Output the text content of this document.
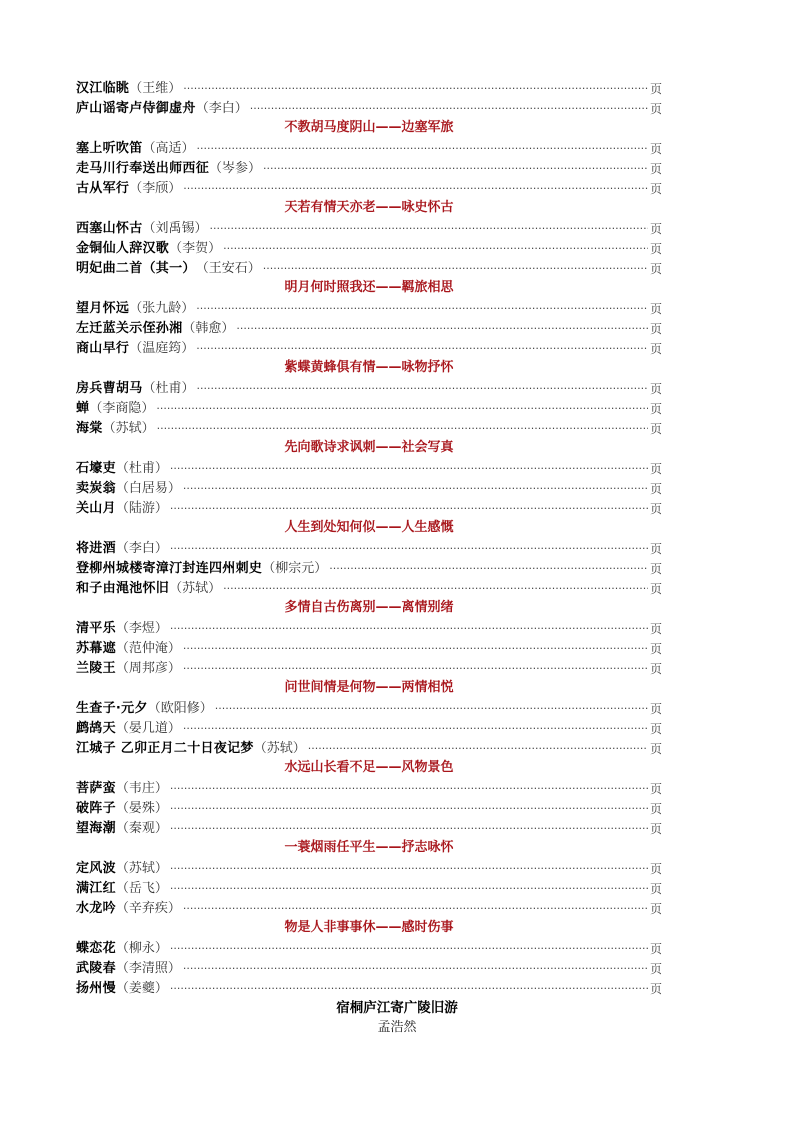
汉江临眺 （王维） ·····	页
庐山谣寄卢侍御虚舟 （李白） ·····	页
不教胡马度阴山——边塞军旅
塞上听吹笛 （高适） ·····	页
走马川行奉送出师西征 （岑参） ·····	页
古从军行 （李颀） ·····	页
天若有情天亦老——咏史怀古
西塞山怀古 （刘禹锡） ·····	页
金铜仙人辞汉歌 （李贺） ·····	页
明妃曲二首（其一） （王安石） ·····	页
明月何时照我还——羁旅相思
望月怀远 （张九龄） ·····	页
左迁蓝关示侄孙湘 （韩愈） ·····	页
商山早行 （温庭筠） ·····	页
紫蝶黄蜂俱有情——咏物抒怀
房兵曹胡马 （杜甫） ·····	页
蝉 （李商隐） ·····	页
海棠 （苏轼） ·····	页
先向歌诗求讽刺——社会写真
石壕吏 （杜甫） ·····	页
卖炭翁 （白居易） ·····	页
关山月 （陆游） ·····	页
人生到处知何似——人生感慨
将进酒 （李白） ·····	页
登柳州城楼寄漳汀封连四州刺史 （柳宗元） ·····	页
和子由渑池怀旧 （苏轼） ·····	页
多情自古伤离别——离情别绪
清平乐 （李煜） ·····	页
苏幕遮 （范仲淹） ·····	页
兰陵王 （周邦彦） ·····	页
问世间情是何物——两情相悦
生查子·元夕 （欧阳修） ·····	页
鹧鸪天 （晏几道） ·····	页
江城子 乙卯正月二十日夜记梦 （苏轼） ·····	页
水远山长看不足——风物景色
菩萨蛮 （韦庄） ·····	页
破阵子 （晏殊） ·····	页
望海潮 （秦观） ·····	页
一蓑烟雨任平生——抒志咏怀
定风波 （苏轼） ·····	页
满江红 （岳飞） ·····	页
水龙吟 （辛弃疾） ·····	页
物是人非事事休——感时伤事
蝶恋花 （柳永） ·····	页
武陵春 （李清照） ·····	页
扬州慢 （姜夔） ·····	页
宿桐庐江寄广陵旧游
孟浩然
